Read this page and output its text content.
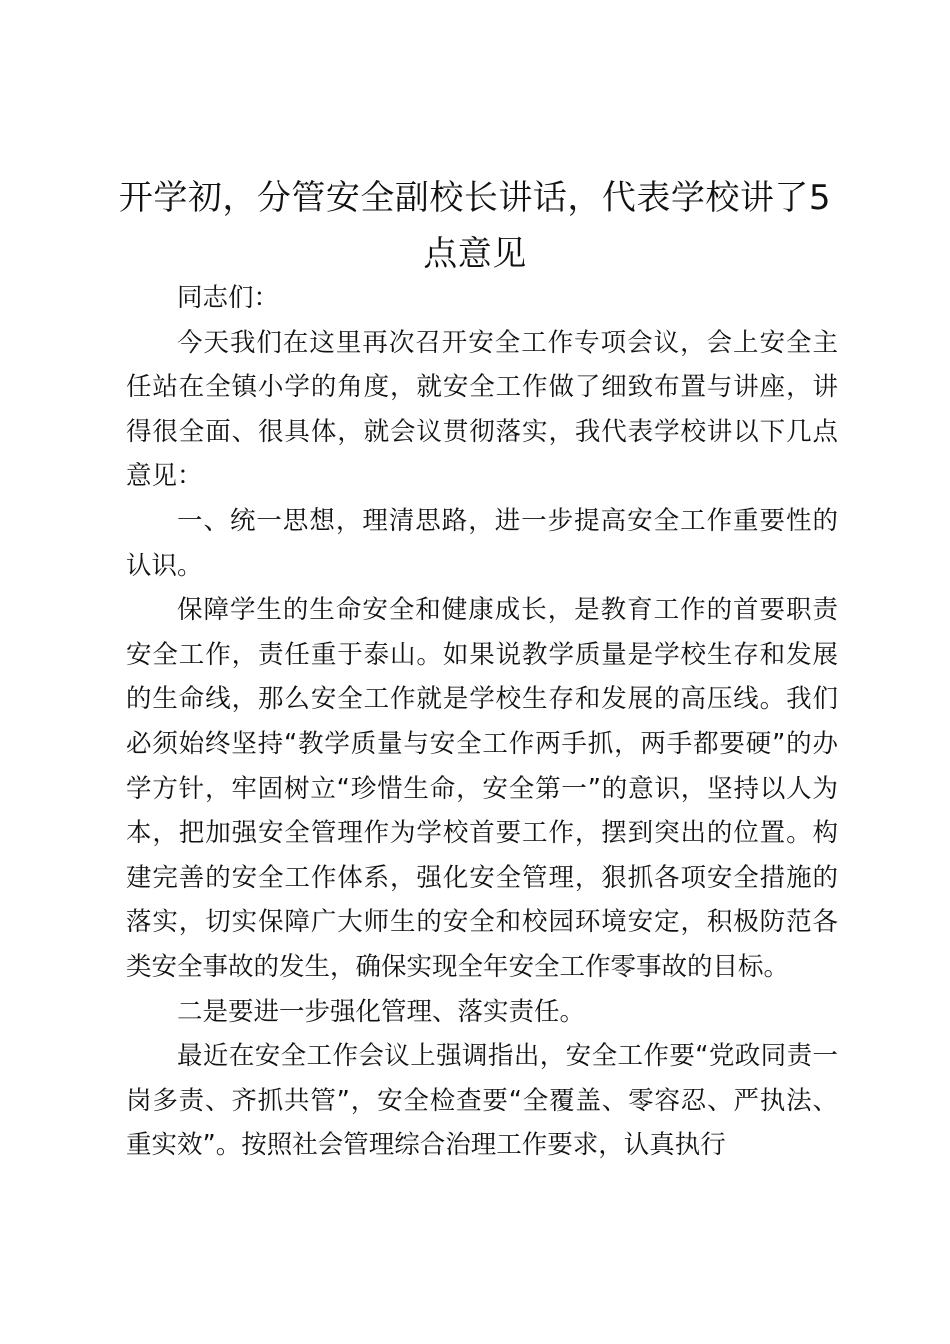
开学初，分管安全副校长讲话，代表学校讲了5点意见

同志们：

今天我们在这里再次召开安全工作专项会议，会上安全主任站在全镇小学的角度，就安全工作做了细致布置与讲座，讲得很全面、很具体，就会议贯彻落实，我代表学校讲以下几点意见：

一、统一思想，理清思路，进一步提高安全工作重要性的认识。

保障学生的生命安全和健康成长，是教育工作的首要职责安全工作，责任重于泰山。如果说教学质量是学校生存和发展的生命线，那么安全工作就是学校生存和发展的高压线。我们必须始终坚持“教学质量与安全工作两手抓，两手都要硬”的办学方针，牢固树立“珍惜生命，安全第一”的意识，坚持以人为本，把加强安全管理作为学校首要工作，摆到突出的位置。构建完善的安全工作体系，强化安全管理，狠抓各项安全措施的落实，切实保障广大师生的安全和校园环境安定，积极防范各类安全事故的发生，确保实现全年安全工作零事故的目标。

二是要进一步强化管理、落实责任。

最近在安全工作会议上强调指出，安全工作要“党政同责一岗多责、齐抓共管”，安全检查要“全覆盖、零容忍、严执法、重实效”。按照社会管理综合治理工作要求，认真执行
